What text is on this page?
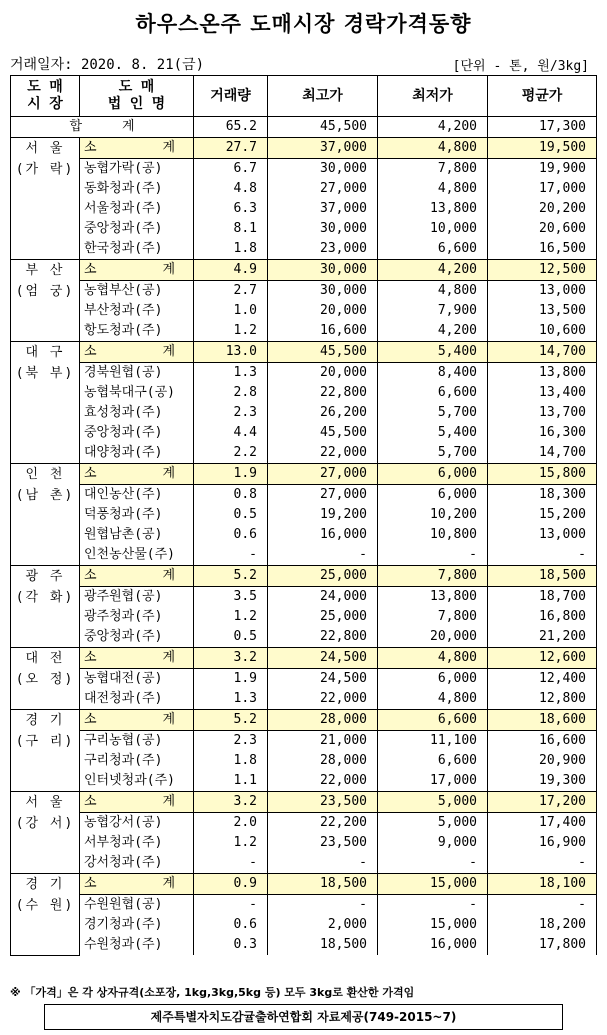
하우스온주 도매시장 경락가격동향
거래일자: 2020. 8. 21(금)	[단위 - 톤, 원/3kg]
도 매
시 장	도 매
법 인 명	거래량	최고가	최저가	평균가
합 계		65.2	45,500	4,200	17,300

서 울
(가 락)	소 계	27.7	37,000	4,800	19,500
	농협가락(공)	6.7	30,000	7,800	19,900
	동화청과(주)	4.8	27,000	4,800	17,000
	서울청과(주)	6.3	37,000	13,800	20,200
	중앙청과(주)	8.1	30,000	10,000	20,600
	한국청과(주)	1.8	23,000	6,600	16,500

부 산
(엄 궁)	소 계	4.9	30,000	4,200	12,500
	농협부산(공)	2.7	30,000	4,800	13,000
	부산청과(주)	1.0	20,000	7,900	13,500
	항도청과(주)	1.2	16,600	4,200	10,600

대 구
(북 부)	소 계	13.0	45,500	5,400	14,700
	경북원협(공)	1.3	20,000	8,400	13,800
	농협북대구(공)	2.8	22,800	6,600	13,400
	효성청과(주)	2.3	26,200	5,700	13,700
	중앙청과(주)	4.4	45,500	5,400	16,300
	대양청과(주)	2.2	22,000	5,700	14,700

인 천
(남 촌)	소 계	1.9	27,000	6,000	15,800
	대인농산(주)	0.8	27,000	6,000	18,300
	덕풍청과(주)	0.5	19,200	10,200	15,200
	원협남촌(공)	0.6	16,000	10,800	13,000
	인천농산물(주)	-	-	-	-

광 주
(각 화)	소 계	5.2	25,000	7,800	18,500
	광주원협(공)	3.5	24,000	13,800	18,700
	광주청과(주)	1.2	25,000	7,800	16,800
	중앙청과(주)	0.5	22,800	20,000	21,200

대 전
(오 정)	소 계	3.2	24,500	4,800	12,600
	농협대전(공)	1.9	24,500	6,000	12,400
	대전청과(주)	1.3	22,000	4,800	12,800

경 기
(구 리)	소 계	5.2	28,000	6,600	18,600
	구리농협(공)	2.3	21,000	11,100	16,600
	구리청과(주)	1.8	28,000	6,600	20,900
	인터넷청과(주)	1.1	22,000	17,000	19,300

서 울
(강 서)	소 계	3.2	23,500	5,000	17,200
	농협강서(공)	2.0	22,200	5,000	17,400
	서부청과(주)	1.2	23,500	9,000	16,900
	강서청과(주)	-	-	-	-

경 기
(수 원)	소 계	0.9	18,500	15,000	18,100
	수원원협(공)	-	-	-	-
	경기청과(주)	0.6	2,000	15,000	18,200
	수원청과(주)	0.3	18,500	16,000	17,800
※ 「가격」은 각 상자규격(소포장, 1kg,3kg,5kg 등) 모두 3kg로 환산한 가격임
제주특별자치도감귤출하연합회 자료제공(749-2015~7)
